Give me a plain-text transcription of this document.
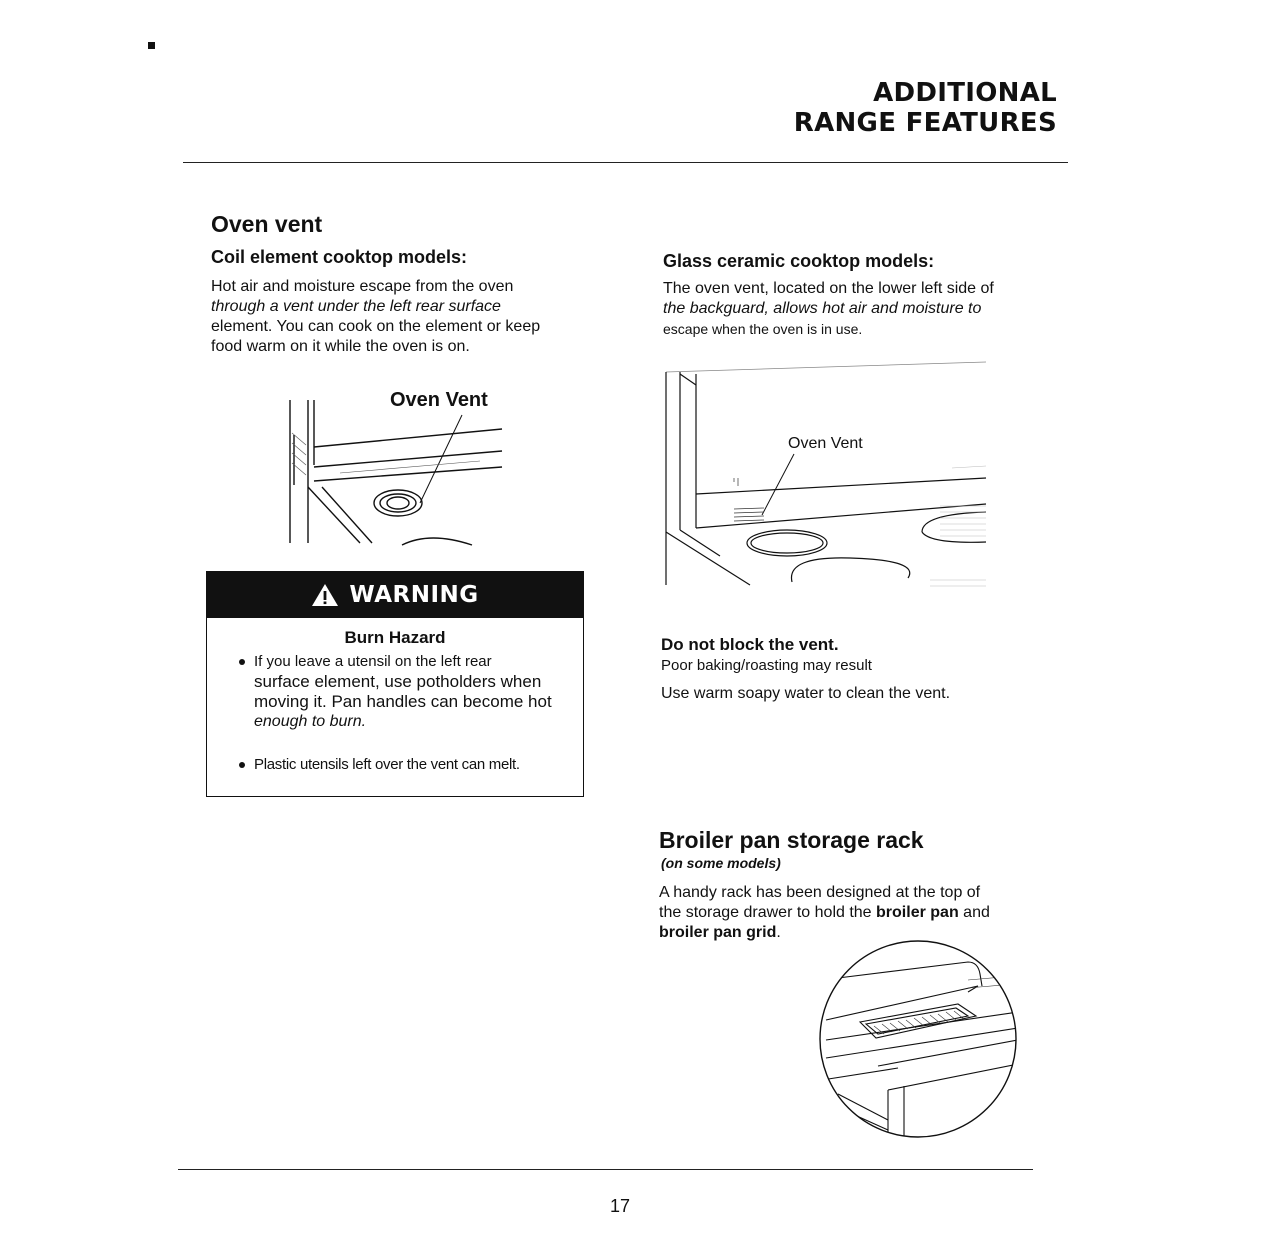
ADDITIONAL
RANGE FEATURES
Oven vent
Coil element cooktop models:
Hot air and moisture escape from the oven
through a vent under the left rear surface
element. You can cook on the element or keep
food warm on it while the oven is on.
Oven Vent
WARNING
Burn Hazard
If you leave a utensil on the left rear
surface element, use potholders when
moving it. Pan handles can become hot
enough to burn.
Plastic utensils left over the vent can melt.
Glass ceramic cooktop models:
The oven vent, located on the lower left side of
the backguard, allows hot air and moisture to
escape when the oven is in use.
Oven Vent
Do not block the vent.
Poor baking/roasting may result
Use warm soapy water to clean the vent.
Broiler pan storage rack
(on some models)
A handy rack has been designed at the top of
the storage drawer to hold the broiler pan and
broiler pan grid.
17
